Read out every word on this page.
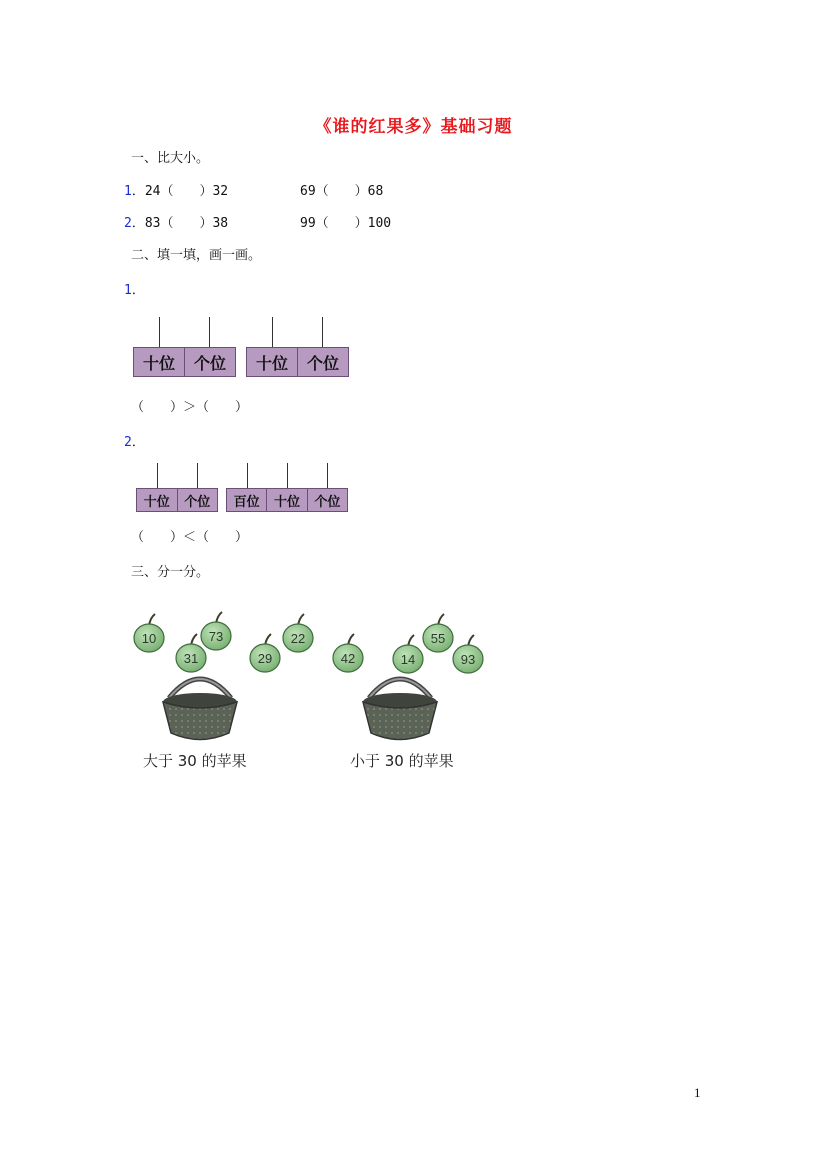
《谁的红果多》基础习题
一、比大小。
1．24（　　）32	69（　　）68
2．83（　　）38	99（　　）100
二、填一填，画一画。
1．
十位	个位	十位	个位
（　　）＞（　　）
2．
十位	个位	百位	十位	个位
（　　）＜（　　）
三、分一分。
10	73
31	29
22
42	14
55
93
大于 30 的苹果	小于 30 的苹果
1
